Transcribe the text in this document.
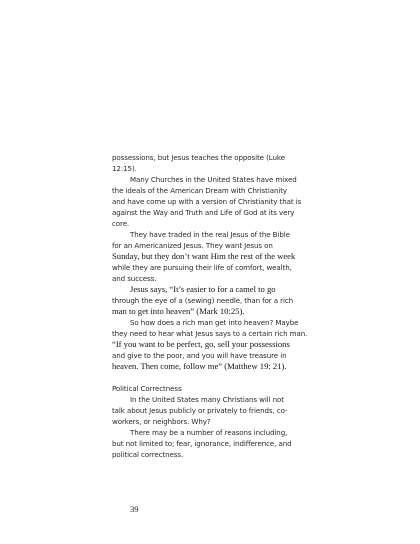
possessions, but Jesus teaches the opposite (Luke
12:15).
Many Churches in the United States have mixed
the ideals of the American Dream with Christianity
and have come up with a version of Christianity that is
against the Way and Truth and Life of God at its very
core.
They have traded in the real Jesus of the Bible
for an Americanized Jesus. They want Jesus on
Sunday, but they don’t want Him the rest of the week
while they are pursuing their life of comfort, wealth,
and success.
Jesus says, “It’s easier to for a camel to go
through the eye of a (sewing) needle, than for a rich
man to get into heaven” (Mark 10:25).
So how does a rich man get into heaven? Maybe
they need to hear what Jesus says to a certain rich man.
“If you want to be perfect, go, sell your possessions
and give to the poor, and you will have treasure in
heaven. Then come, follow me” (Matthew 19: 21).
Political Correctness
In the United States many Christians will not
talk about Jesus publicly or privately to friends, co-
workers, or neighbors. Why?
There may be a number of reasons including,
but not limited to; fear, ignorance, indifference, and
political correctness.
39
